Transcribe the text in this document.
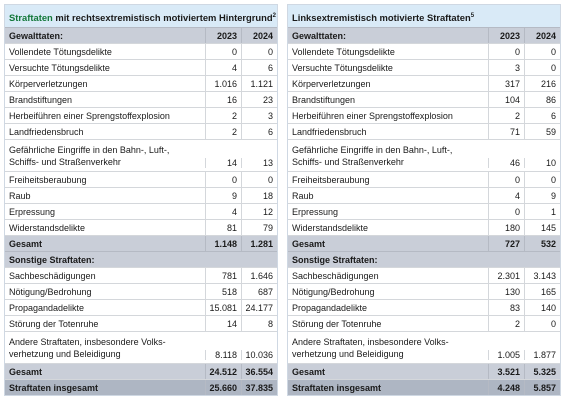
Straftaten mit rechtsextremistisch motiviertem Hintergrund$^2$
Gewalttaten:	2023	2024
Vollendete Tötungsdelikte	0	0
Versuchte Tötungsdelikte	4	6
Körperverletzungen	1.016	1.121
Brandstiftungen	16	23
Herbeiführen einer Sprengstoffexplosion	2	3
Landfriedensbruch	2	6
Gefährliche Eingriffe in den Bahn-, Luft-,
Schiffs- und Straßenverkehr	14	13
Freiheitsberaubung	0	0
Raub	9	18
Erpressung	4	12
Widerstandsdelikte	81	79
Gesamt	1.148	1.281
Sonstige Straftaten:
Sachbeschädigungen	781	1.646
Nötigung/Bedrohung	518	687
Propagandadelikte	15.081 24.177
Störung der Totenruhe	14	8
Andere Straftaten, insbesondere Volks-
verhetzung und Beleidigung	8.118 10.036
Gesamt	24.512 36.554
Straftaten insgesamt	25.660 37.835
Linksextremistisch motivierte Straftaten$^5$
Gewalttaten:	2023	2024
Vollendete Tötungsdelikte	0	0
Versuchte Tötungsdelikte	3	0
Körperverletzungen	317	216
Brandstiftungen	104	86
Herbeiführen einer Sprengstoffexplosion	2	6
Landfriedensbruch	71	59
Gefährliche Eingriffe in den Bahn-, Luft-,
Schiffs- und Straßenverkehr	46	10
Freiheitsberaubung	0	0
Raub	4	9
Erpressung	0	1
Widerstandsdelikte	180	145
Gesamt	727	532
Sonstige Straftaten:
Sachbeschädigungen	2.301	3.143
Nötigung/Bedrohung	130	165
Propagandadelikte	83	140
Störung der Totenruhe	2	0
Andere Straftaten, insbesondere Volks-
verhetzung und Beleidigung	1.005	1.877
Gesamt	3.521	5.325
Straftaten insgesamt	4.248	5.857
